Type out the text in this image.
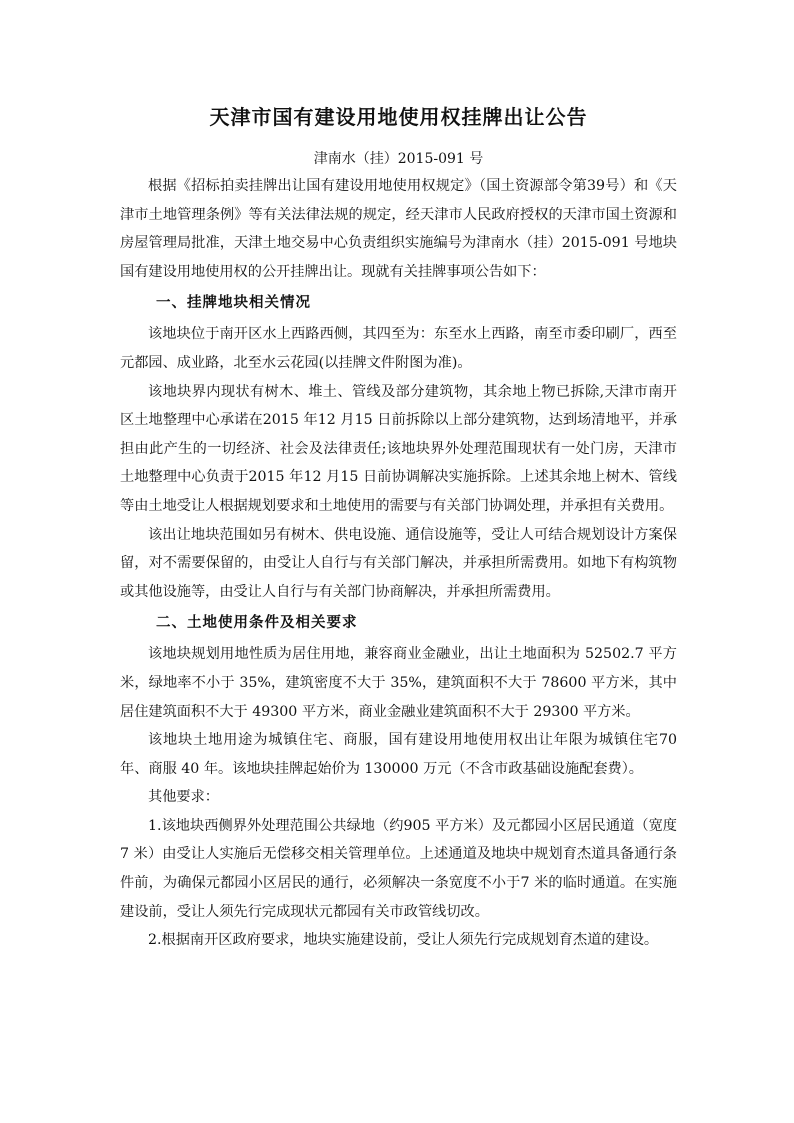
天津市国有建设用地使用权挂牌出让公告
津南水（挂）2015-091 号

根据《招标拍卖挂牌出让国有建设用地使用权规定》（国土资源部令第39号）和《天津市土地管理条例》等有关法律法规的规定，经天津市人民政府授权的天津市国土资源和房屋管理局批准，天津土地交易中心负责组织实施编号为津南水（挂）2015-091 号地块国有建设用地使用权的公开挂牌出让。现就有关挂牌事项公告如下：

一、挂牌地块相关情况

该地块位于南开区水上西路西侧，其四至为：东至水上西路，南至市委印刷厂，西至元都园、成业路，北至水云花园(以挂牌文件附图为准)。

该地块界内现状有树木、堆土、管线及部分建筑物，其余地上物已拆除,天津市南开区土地整理中心承诺在2015 年12 月15 日前拆除以上部分建筑物，达到场清地平，并承担由此产生的一切经济、社会及法律责任;该地块界外处理范围现状有一处门房，天津市土地整理中心负责于2015 年12 月15 日前协调解决实施拆除。上述其余地上树木、管线等由土地受让人根据规划要求和土地使用的需要与有关部门协调处理，并承担有关费用。

该出让地块范围如另有树木、供电设施、通信设施等，受让人可结合规划设计方案保留，对不需要保留的，由受让人自行与有关部门解决，并承担所需费用。如地下有构筑物或其他设施等，由受让人自行与有关部门协商解决，并承担所需费用。

二、土地使用条件及相关要求

该地块规划用地性质为居住用地，兼容商业金融业，出让土地面积为 52502.7 平方米，绿地率不小于 35%，建筑密度不大于 35%，建筑面积不大于 78600 平方米，其中居住建筑面积不大于 49300 平方米，商业金融业建筑面积不大于 29300 平方米。

该地块土地用途为城镇住宅、商服，国有建设用地使用权出让年限为城镇住宅70 年、商服 40 年。该地块挂牌起始价为 130000 万元（不含市政基础设施配套费）。

其他要求：

1.该地块西侧界外处理范围公共绿地（约905 平方米）及元都园小区居民通道（宽度7 米）由受让人实施后无偿移交相关管理单位。上述通道及地块中规划育杰道具备通行条件前，为确保元都园小区居民的通行，必须解决一条宽度不小于7 米的临时通道。在实施建设前，受让人须先行完成现状元都园有关市政管线切改。

2.根据南开区政府要求，地块实施建设前，受让人须先行完成规划育杰道的建设。
